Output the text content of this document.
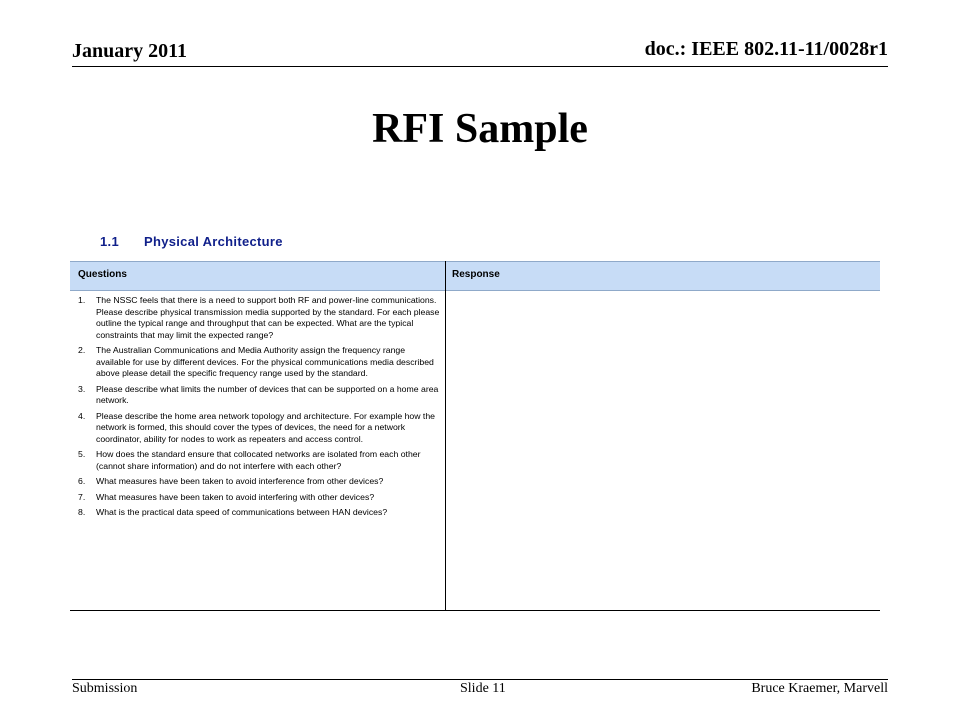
January 2011	doc.: IEEE 802.11-11/0028r1
RFI Sample
1.1 Physical Architecture
Questions	Response
1.	The NSSC feels that there is a need to support both RF and power-line communications. Please describe physical transmission media supported by the standard. For each please outline the typical range and throughput that can be expected. What are the typical constraints that may limit the expected range?
2.	The Australian Communications and Media Authority assign the frequency range available for use by different devices. For the physical communications media described above please detail the specific frequency range used by the standard.
3.	Please describe what limits the number of devices that can be supported on a home area network.
4.	Please describe the home area network topology and architecture. For example how the network is formed, this should cover the types of devices, the need for a network coordinator, ability for nodes to work as repeaters and access control.
5.	How does the standard ensure that collocated networks are isolated from each other (cannot share information) and do not interfere with each other?
6.	What measures have been taken to avoid interference from other devices?
7.	What measures have been taken to avoid interfering with other devices?
8.	What is the practical data speed of communications between HAN devices?
Submission	Slide 11	Bruce Kraemer, Marvell
